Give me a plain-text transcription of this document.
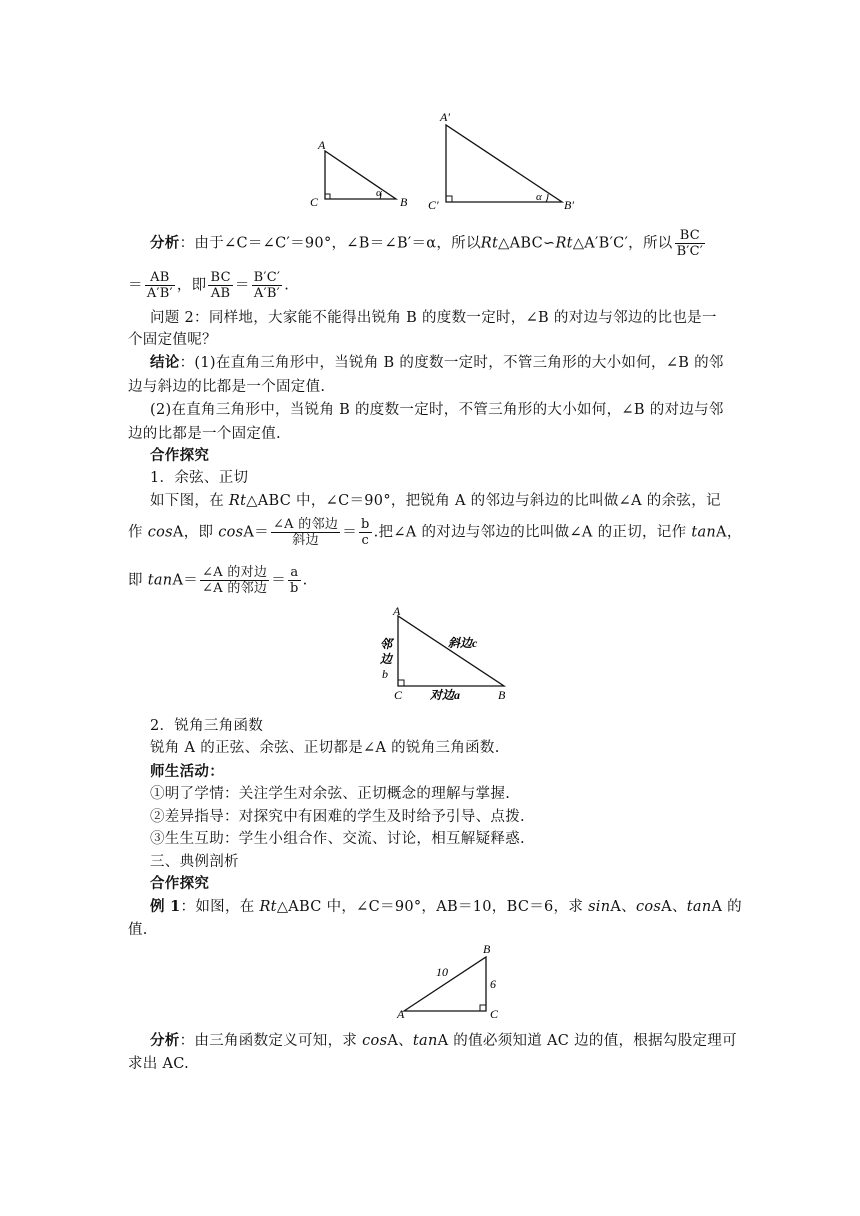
A
C	B
α
A′
C′	B′
α
分析：由于∠C＝∠C′＝90°，∠B＝∠B′＝α，所以Rt△ABC∽Rt△A′B′C′，所以 $\frac{BC}{B'C'}$
＝ $\frac{AB}{A'B'}$ ，即 $\frac{BC}{AB} = \frac{B'C'}{A'B'}$ .
问题 2：同样地，大家能不能得出锐角 B 的度数一定时，∠B 的对边与邻边的比也是一
个固定值呢？
结论：(1)在直角三角形中，当锐角 B 的度数一定时，不管三角形的大小如何，∠B 的邻
边与斜边的比都是一个固定值.
(2)在直角三角形中，当锐角 B 的度数一定时，不管三角形的大小如何，∠B 的对边与邻
边的比都是一个固定值.
合作探究
1．余弦、正切
如下图，在 Rt△ABC 中，∠C＝90°，把锐角 A 的邻边与斜边的比叫做∠A 的余弦，记
作 cosA，即 $\cos A= \frac{\text{∠A 的邻边}}{\text{斜边}} = \frac{b}{c}$ .把∠A 的对边与邻边的比叫做∠A 的正切，记作 tanA，
即 $\tan A= \frac{\text{∠A 的对边}}{\text{∠A 的邻边}} = \frac{a}{b}$ .
A
C	B
斜边c
邻
边
b
对边a
2．锐角三角函数
锐角 A 的正弦、余弦、正切都是∠A 的锐角三角函数.
师生活动：
①明了学情：关注学生对余弦、正切概念的理解与掌握.
②差异指导：对探究中有困难的学生及时给予引导、点拨.
③生生互助：学生小组合作、交流、讨论，相互解疑释惑.
三、典例剖析
合作探究
例 1：如图，在 Rt△ABC 中，∠C＝90°，AB＝10，BC＝6，求 sinA、cosA、tanA 的
值.
A
B
C
10
6
分析：由三角函数定义可知，求 cosA、tanA 的值必须知道 AC 边的值，根据勾股定理可
求出 AC.
